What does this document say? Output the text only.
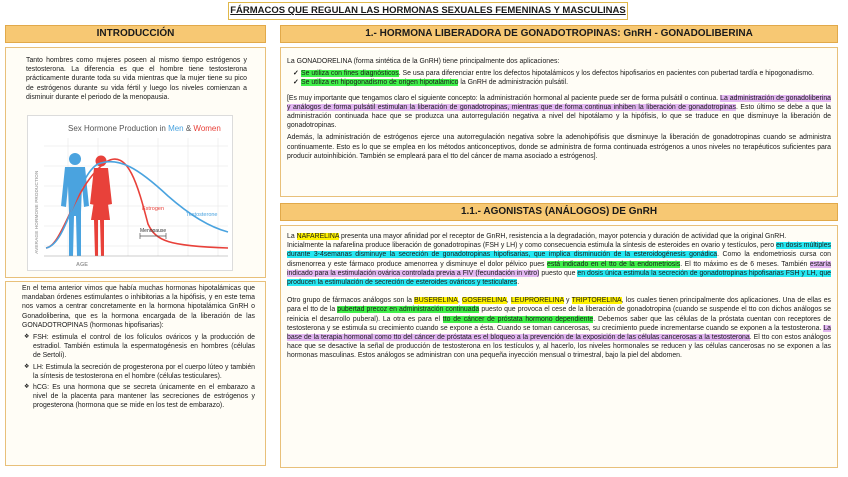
FÁRMACOS QUE REGULAN LAS HORMONAS SEXUALES FEMENINAS Y MASCULINAS
INTRODUCCIÓN
Tanto hombres como mujeres poseen al mismo tiempo estrógenos y testosterona. La diferencia es que el hombre tiene testosterona prácticamente durante toda su vida mientras que la mujer tiene su pico de estrógenos durante su vida fértil y luego los niveles comienzan a disminuir durante el periodo de la menopausia.
Sex Hormone Production in Men & Women
AVERAGE HORMONE PRODUCTION	Estrogen
Testosterone
Menopause
AGE
En el tema anterior vimos que había muchas hormonas hipotalámicas que mandaban órdenes estimulantes o inhibitorias a la hipófisis, y en este tema nos vamos a centrar concretamente en la hormona hipotalámica GnRH o Gonadoliberina, que es la hormona encargada de la liberación de las GONADOTROPINAS (hormonas hipofisarias):
❖ FSH: estimula el control de los folículos ováricos y la producción de estradiol. También estimula la espermatogénesis en hombres (células de Sertoli).
❖ LH: Estimula la secreción de progesterona por el cuerpo lúteo y también la síntesis de testosterona en el hombre (células testiculares).
❖ hCG: Es una hormona que se secreta únicamente en el embarazo a nivel de la placenta para mantener las secreciones de estrógenos y progesterona (hormona que se mide en los test de embarazo).
1.- HORMONA LIBERADORA DE GONADOTROPINAS: GnRH - GONADOLIBERINA
La GONADORELINA (forma sintética de la GnRH) tiene principalmente dos aplicaciones:
✓ Se utiliza con fines diagnósticos. Se usa para diferenciar entre los defectos hipotalámicos y los defectos hipofisarios en pacientes con pubertad tardía e hipogonadismo.
✓ Se utiliza en hipogonadismo de origen hipotalámico la GnRH de administración pulsátil.
[Es muy importante que tengamos claro el siguiente concepto: la administración hormonal al paciente puede ser de forma pulsátil o continua. La administración de gonadoliberina y análogos de forma pulsátil estimulan la liberación de gonadotropinas, mientras que de forma continua inhiben la liberación de gonadotropinas. Esto último se debe a que la administración continuada hace que se produzca una autorregulación negativa a nivel del hipotálamo y la hipófisis, lo que se traduce en que disminuye la liberación de gonadotropinas.
Además, la administración de estrógenos ejerce una autorregulación negativa sobre la adenohipófisis que disminuye la liberación de gonadotropinas cuando se administra continuamente. Esto es lo que se emplea en los métodos anticonceptivos, donde se administra de forma continuada estrógenos a unos niveles no terapéuticos suficientes para producir autoinhibición. También se empleará para el tto del cáncer de mama asociado a estrógenos].
1.1.- AGONISTAS (ANÁLOGOS) DE GnRH
La NAFARELINA presenta una mayor afinidad por el receptor de GnRH, resistencia a la degradación, mayor potencia y duración de actividad que la original GnRH.
Inicialmente la nafarelina produce liberación de gonadotropinas (FSH y LH) y como consecuencia estimula la síntesis de esteroides en ovario y testículos, pero en dosis múltiples durante 3-4semanas disminuye la secreción de gonadotropinas hipofisarias, que implica disminución de la esteroidogénesis gonádica. Como la endometriosis cursa con dismenorrea y este fármaco produce amenorrea y disminuye el dolor pélvico pues está indicado en el tto de la endometriosis. El tto máximo es de 6 meses. También estaría indicado para la estimulación ovárica controlada previa a FIV (fecundación in vitro) puesto que en dosis única estimula la secreción de gonadotropinas hipofisarias FSH y LH, que producen la estimulación de secreción de esteroides ováricos y testiculares.
Otro grupo de fármacos análogos son la BUSERELINA, GOSERELINA, LEUPRORELINA y TRIPTORELINA, los cuales tienen principalmente dos aplicaciones. Una de ellas es para el tto de la pubertad precoz en administración continuada puesto que provoca el cese de la liberación de gonadotropina (cuando se suspende el tto con dichos análogos se reinicia el desarrollo puberal). La otra es para el tto de cáncer de próstata hormono dependiente. Debemos saber que las células de la próstata cuentan con receptores de testosterona y se estimula su crecimiento cuando se expone a ésta. Cuando se toman cancerosas, su crecimiento puede incrementarse cuando se exponen a la testosterona. La base de la terapia hormonal como tto del cáncer de próstata es el bloqueo a la prevención de la exposición de las células cancerosas a la testosterona. El tto con estos análogos hace que se desactive la señal de producción de testosterona en los testículos y, al hacerlo, los niveles hormonales se reducen y las células cancerosas no se exponen a las hormonas masculinas. Estos análogos se administran con una pequeña inyección mensual o trimestral, bajo la piel del abdomen.
